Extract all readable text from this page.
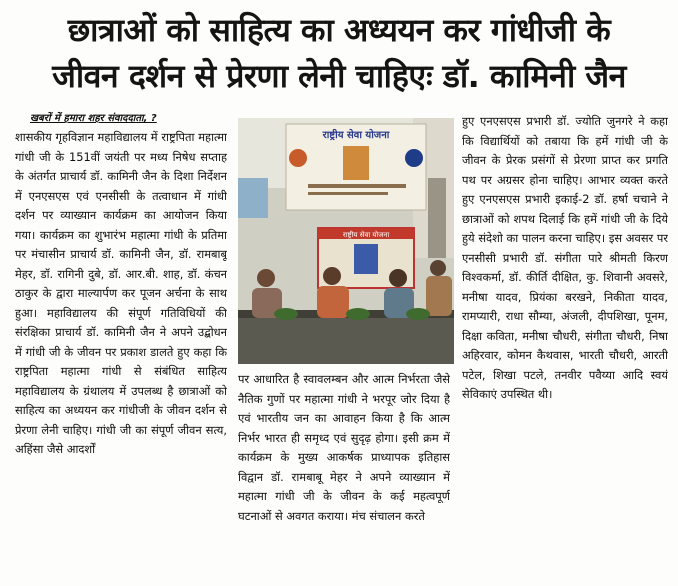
छात्राओं को साहित्य का अध्ययन कर गांधीजी के
जीवन दर्शन से प्रेरणा लेनी चाहिएः डॉ. कामिनी जैन
खबरों में हमारा शहर संवाददाता, ?
शासकीय गृहविज्ञान महाविद्यालय में राष्ट्रपिता महात्मा गांधी जी के 151वीं जयंती पर मध्य निषेध सप्ताह के अंतर्गत प्राचार्य डॉ. कामिनी जैन के दिशा निर्देशन में एनएसएस एवं एनसीसी के तत्वाधान में गांधी दर्शन पर व्याख्यान कार्यक्रम का आयोजन किया गया। कार्यक्रम का शुभारंभ महात्मा गांधी के प्रतिमा पर मंचासीन प्राचार्य डॉ. कामिनी जैन, डॉ. रामबाबू मेहर, डॉ. रागिनी दुबे, डॉ. आर.बी. शाह, डॉ. कंचन ठाकुर के द्वारा माल्यार्पण कर पूजन अर्चना के साथ हुआ। महाविद्यालय की संपूर्ण गतिविधियों की संरक्षिका प्राचार्य डॉ. कामिनी जैन ने अपने उद्बोधन में गांधी जी के जीवन पर प्रकाश डालते हुए कहा कि राष्ट्रपिता महात्मा गांधी से संबंधित साहित्य महाविद्यालय के ग्रंथालय में उपलब्ध है छात्राओं को साहित्य का अध्ययन कर गांधीजी के जीवन दर्शन से प्रेरणा लेनी चाहिए। गांधी जी का संपूर्ण जीवन सत्य, अहिंसा जैसे आदर्शों
राष्ट्रीय सेवा योजना
राष्ट्रीय सेवा योजना
पर आधारित है स्वावलम्बन और आत्म निर्भरता जैसे नैतिक गुणों पर महात्मा गांधी ने भरपूर जोर दिया है एवं भारतीय जन का आवाहन किया है कि आत्म निर्भर भारत ही समृध्द एवं सुदृढ़ होगा। इसी क्रम में कार्यक्रम के मुख्य आकर्षक प्राध्यापक इतिहास विद्वान डॉ. रामबाबू मेहर ने अपने व्याख्यान में महात्मा गांधी जी के जीवन के कई महत्वपूर्ण घटनाओं से अवगत कराया। मंच संचालन करते
हुए एनएसएस प्रभारी डॉ. ज्योति जुनगरे ने कहा कि विद्यार्थियों को तबाया कि हमें गांधी जी के जीवन के प्रेरक प्रसंगों से प्रेरणा प्राप्त कर प्रगति पथ पर अग्रसर होना चाहिए। आभार व्यक्त करते हुए एनएसएस प्रभारी इकाई-2 डॉ. हर्षा चचाने ने छात्राओं को शपथ दिलाई कि हमें गांधी जी के दिये हुये संदेशो का पालन करना चाहिए। इस अवसर पर एनसीसी प्रभारी डॉ. संगीता पारे श्रीमती किरण विश्वकर्मा, डॉ. कीर्ति दीक्षित, कु. शिवानी अवसरे, मनीषा यादव, प्रियंका बरखने, निकीता यादव, रामप्यारी, राधा सौम्या, अंजली, दीपशिखा, पूनम, दिक्षा कविता, मनीषा चौधरी, संगीता चौधरी, निषा अहिरवार, कोमन कैथवास, भारती चौधरी, आरती पटेल, शिखा पटले, तनवीर पवैय्या आदि स्वयं सेविकाएं उपस्थित थी।
